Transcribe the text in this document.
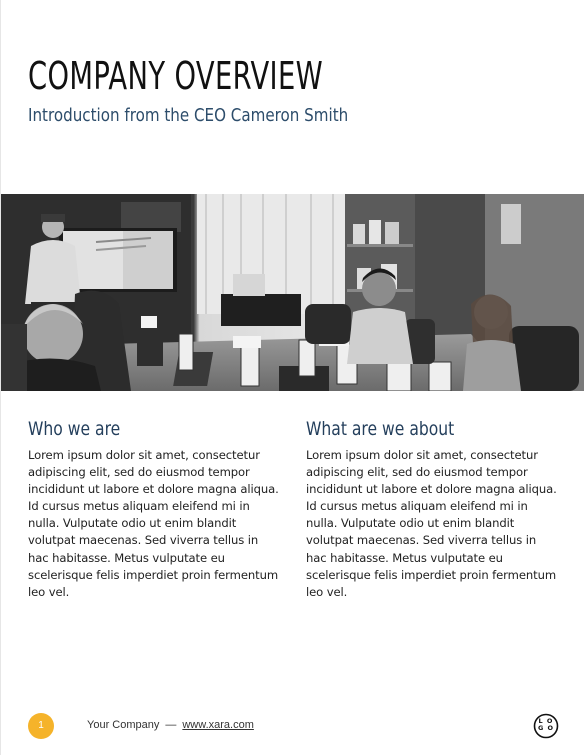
COMPANY OVERVIEW
Introduction from the CEO Cameron Smith
Who we are

Lorem ipsum dolor sit amet, consectetur adipiscing elit, sed do eiusmod tempor incididunt ut labore et dolore magna aliqua. Id cursus metus aliquam eleifend mi in nulla. Vulputate odio ut enim blandit volutpat maecenas. Sed viverra tellus in hac habitasse. Metus vulputate eu scelerisque felis imperdiet proin fermentum leo vel.

What are we about

Lorem ipsum dolor sit amet, consectetur adipiscing elit, sed do eiusmod tempor incididunt ut labore et dolore magna aliqua. Id cursus metus aliquam eleifend mi in nulla. Vulputate odio ut enim blandit volutpat maecenas. Sed viverra tellus in hac habitasse. Metus vulputate eu scelerisque felis imperdiet proin fermentum leo vel.

1	Your Company — www.xara.com	L O
G O
